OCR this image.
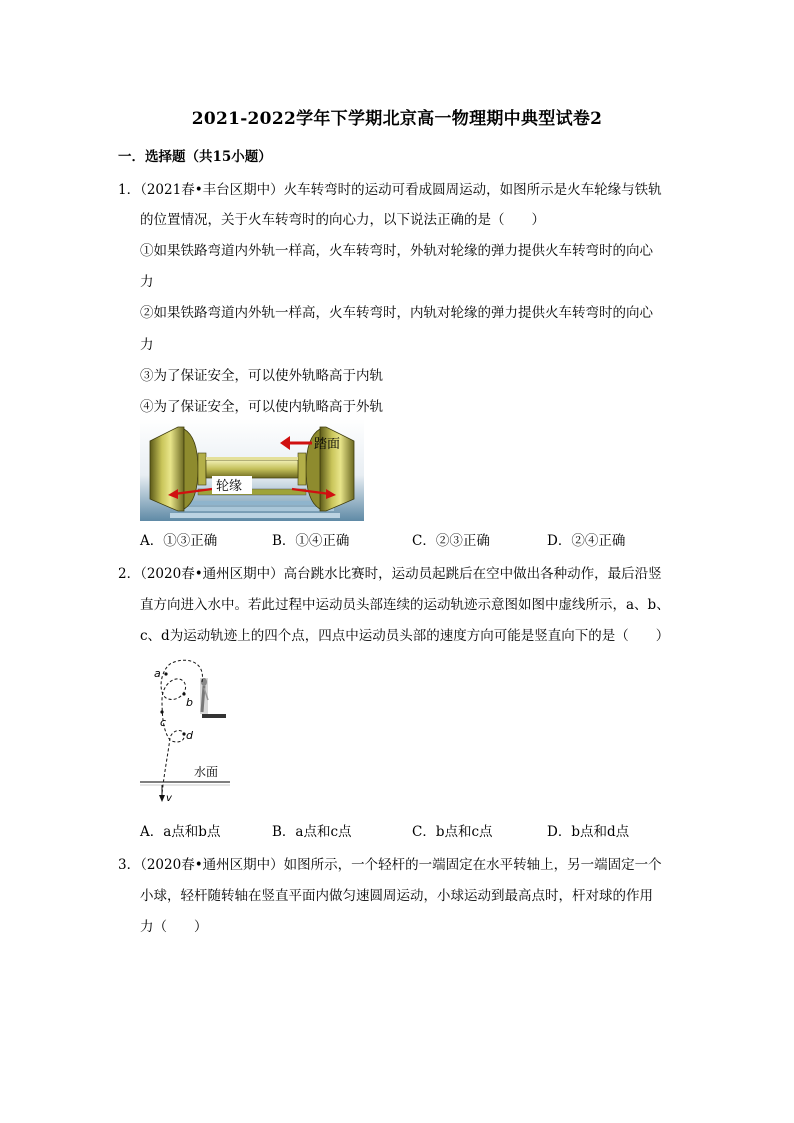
2021-2022学年下学期北京高一物理期中典型试卷2
一．选择题（共15小题）
1．（2021春•丰台区期中）火车转弯时的运动可看成圆周运动，如图所示是火车轮缘与铁轨
的位置情况，关于火车转弯时的向心力，以下说法正确的是（　　）
①如果铁路弯道内外轨一样高，火车转弯时，外轨对轮缘的弹力提供火车转弯时的向心
力
②如果铁路弯道内外轨一样高，火车转弯时，内轨对轮缘的弹力提供火车转弯时的向心
力
③为了保证安全，可以使外轨略高于内轨
④为了保证安全，可以使内轨略高于外轨
轮缘
踏面
A．①③正确	B．①④正确	C．②③正确	D．②④正确
2．（2020春•通州区期中）高台跳水比赛时，运动员起跳后在空中做出各种动作，最后沿竖
直方向进入水中。若此过程中运动员头部连续的运动轨迹示意图如图中虚线所示，a、b、
c、d为运动轨迹上的四个点，四点中运动员头部的速度方向可能是竖直向下的是（　　）
a
b
c
d
水面
v
A．a点和b点	B．a点和c点	C．b点和c点	D．b点和d点
3．（2020春•通州区期中）如图所示，一个轻杆的一端固定在水平转轴上，另一端固定一个
小球，轻杆随转轴在竖直平面内做匀速圆周运动，小球运动到最高点时，杆对球的作用
力（　　）
